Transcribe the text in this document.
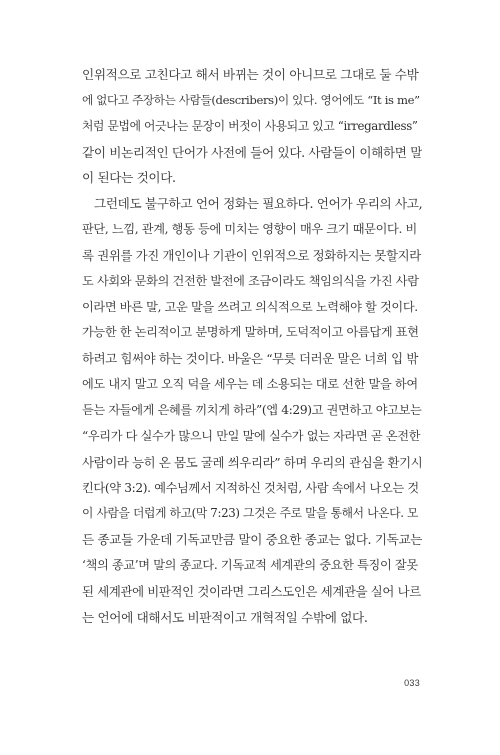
인위적으로 고친다고 해서 바뀌는 것이 아니므로 그대로 둘 수밖
에 없다고 주장하는 사람들(describers)이 있다. 영어에도 “It is me”
처럼 문법에 어긋나는 문장이 버젓이 사용되고 있고 “irregardless”
같이 비논리적인 단어가 사전에 들어 있다. 사람들이 이해하면 말
이 된다는 것이다.
그런데도 불구하고 언어 정화는 필요하다. 언어가 우리의 사고,
판단, 느낌, 관계, 행동 등에 미치는 영향이 매우 크기 때문이다. 비
록 권위를 가진 개인이나 기관이 인위적으로 정화하지는 못할지라
도 사회와 문화의 건전한 발전에 조금이라도 책임의식을 가진 사람
이라면 바른 말, 고운 말을 쓰려고 의식적으로 노력해야 할 것이다.
가능한 한 논리적이고 분명하게 말하며, 도덕적이고 아름답게 표현
하려고 힘써야 하는 것이다. 바울은 “무릇 더러운 말은 너희 입 밖
에도 내지 말고 오직 덕을 세우는 데 소용되는 대로 선한 말을 하여
듣는 자들에게 은혜를 끼치게 하라”(엡 4:29)고 권면하고 야고보는
“우리가 다 실수가 많으니 만일 말에 실수가 없는 자라면 곧 온전한
사람이라 능히 온 몸도 굴레 씌우리라” 하며 우리의 관심을 환기시
킨다(약 3:2). 예수님께서 지적하신 것처럼, 사람 속에서 나오는 것
이 사람을 더럽게 하고(막 7:23) 그것은 주로 말을 통해서 나온다. 모
든 종교들 가운데 기독교만큼 말이 중요한 종교는 없다. 기독교는
‘책의 종교’며 말의 종교다. 기독교적 세계관의 중요한 특징이 잘못
된 세계관에 비판적인 것이라면 그리스도인은 세계관을 실어 나르
는 언어에 대해서도 비판적이고 개혁적일 수밖에 없다.
033
